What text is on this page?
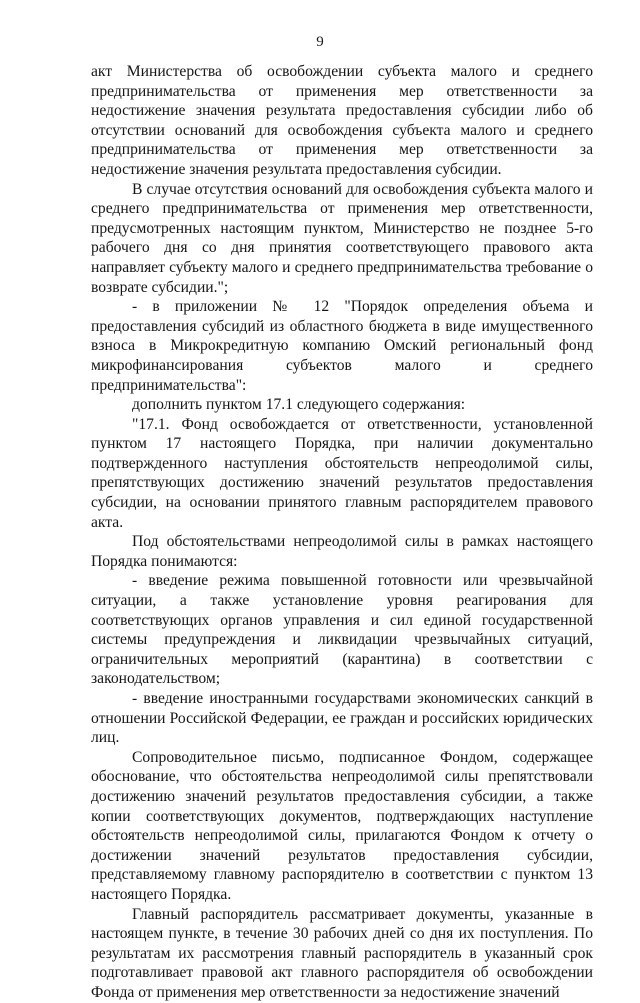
9

акт Министерства об освобождении субъекта малого и среднего предпринимательства от применения мер ответственности за недостижение значения результата предоставления субсидии либо об отсутствии оснований для освобождения субъекта малого и среднего предпринимательства от применения мер ответственности за недостижение значения результата предоставления субсидии.

В случае отсутствия оснований для освобождения субъекта малого и среднего предпринимательства от применения мер ответственности, предусмотренных настоящим пунктом, Министерство не позднее 5-го рабочего дня со дня принятия соответствующего правового акта направляет субъекту малого и среднего предпринимательства требование о возврате субсидии.";

- в приложении № 12 "Порядок определения объема и предоставления субсидий из областного бюджета в виде имущественного взноса в Микрокредитную компанию Омский региональный фонд микрофинансирования субъектов малого и среднего предпринимательства":

дополнить пунктом 17.1 следующего содержания:

"17.1. Фонд освобождается от ответственности, установленной пунктом 17 настоящего Порядка, при наличии документально подтвержденного наступления обстоятельств непреодолимой силы, препятствующих достижению значений результатов предоставления субсидии, на основании принятого главным распорядителем правового акта.

Под обстоятельствами непреодолимой силы в рамках настоящего Порядка понимаются:

- введение режима повышенной готовности или чрезвычайной ситуации, а также установление уровня реагирования для соответствующих органов управления и сил единой государственной системы предупреждения и ликвидации чрезвычайных ситуаций, ограничительных мероприятий (карантина) в соответствии с законодательством;

- введение иностранными государствами экономических санкций в отношении Российской Федерации, ее граждан и российских юридических лиц.

Сопроводительное письмо, подписанное Фондом, содержащее обоснование, что обстоятельства непреодолимой силы препятствовали достижению значений результатов предоставления субсидии, а также копии соответствующих документов, подтверждающих наступление обстоятельств непреодолимой силы, прилагаются Фондом к отчету о достижении значений результатов предоставления субсидии, представляемому главному распорядителю в соответствии с пунктом 13 настоящего Порядка.

Главный распорядитель рассматривает документы, указанные в настоящем пункте, в течение 30 рабочих дней со дня их поступления. По результатам их рассмотрения главный распорядитель в указанный срок подготавливает правовой акт главного распорядителя об освобождении Фонда от применения мер ответственности за недостижение значений
